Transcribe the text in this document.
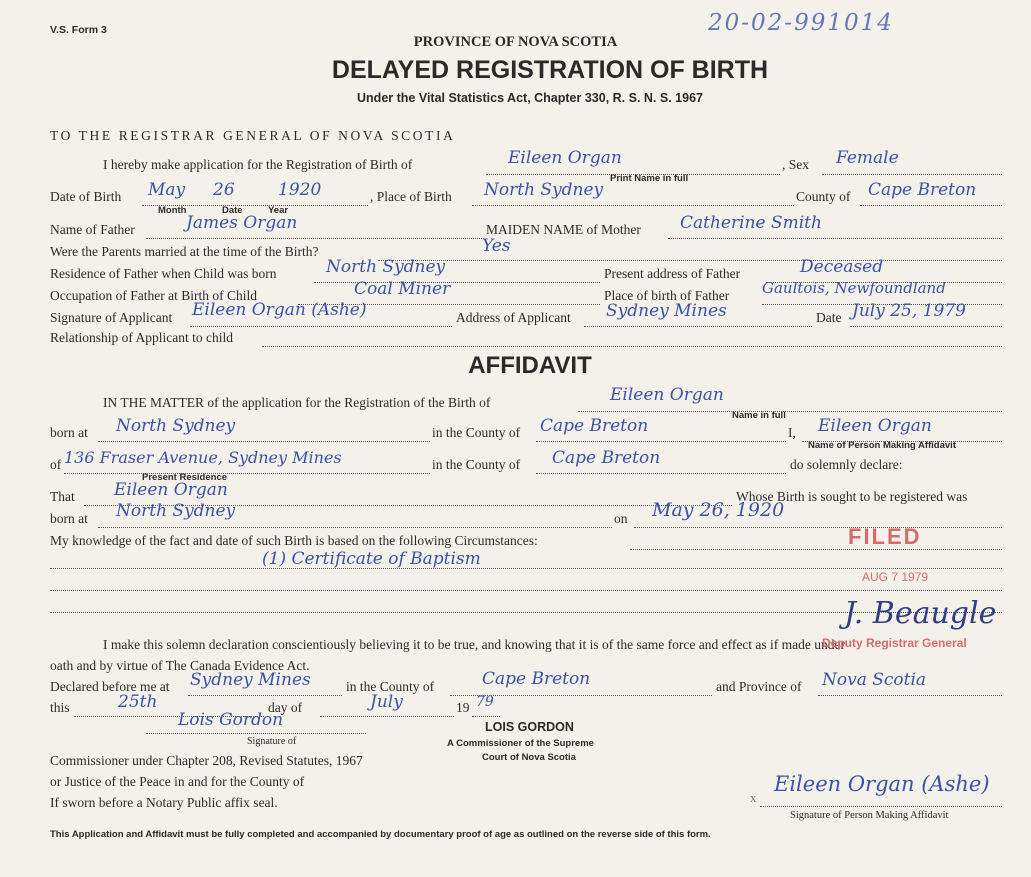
V.S. Form 3	20-02-991014
PROVINCE OF NOVA SCOTIA
DELAYED REGISTRATION OF BIRTH
Under the Vital Statistics Act, Chapter 330, R. S. N. S. 1967
TO THE REGISTRAR GENERAL OF NOVA SCOTIA
I hereby make application for the Registration of Birth of	Eileen Organ
Print Name in full
, Sex Female
Date of Birth May 26	1920
Month	Date	Year
, Place of Birth North Sydney	County of Cape Breton
Name of Father	James Organ	MAIDEN NAME of Mother Catherine Smith
Were the Parents married at the time of the Birth?	Yes
Residence of Father when Child was born	North Sydney	Present address of Father	Deceased
Occupation of Father at Birth of Child	Coal Miner	Place of birth of Father Gaultois, Newfoundland
Signature of Applicant Eileen Organ (Ashe)	Address of Applicant Sydney Mines	Date July 25, 1979
Relationship of Applicant to child
AFFIDAVIT
IN THE MATTER of the application for the Registration of the Birth of	Eileen Organ
Name in full
born at North Sydney	in the County of Cape Breton	I, Eileen Organ
Name of Person Making Affidavit
of 136 Fraser Avenue, Sydney Mines
Present Residence
in the County of Cape Breton	do solemnly declare:
That Eileen Organ	Whose Birth is sought to be registered was
born at North Sydney	on May 26, 1920
My knowledge of the fact and date of such Birth is based on the following Circumstances:
(1) Certificate of Baptism
I make this solemn declaration conscientiously believing it to be true, and knowing that it is of the same force and effect as if made under
oath and by virtue of The Canada Evidence Act.
Declared before me at Sydney Mines	in the County of	Cape Breton	and Province of Nova Scotia
this	25th	day of	July	19 79
Lois Gordon
Signature of
Commissioner under Chapter 208, Revised Statutes, 1967
or Justice of the Peace in and for the County of
If sworn before a Notary Public affix seal.
LOIS GORDON
A Commissioner of the Supreme
Court of Nova Scotia
FILED
AUG 7 1979
J. Beaugle
Deputy Registrar General
x
Eileen Organ (Ashe)
Signature of Person Making Affidavit
This Application and Affidavit must be fully completed and accompanied by documentary proof of age as outlined on the reverse side of this form.
